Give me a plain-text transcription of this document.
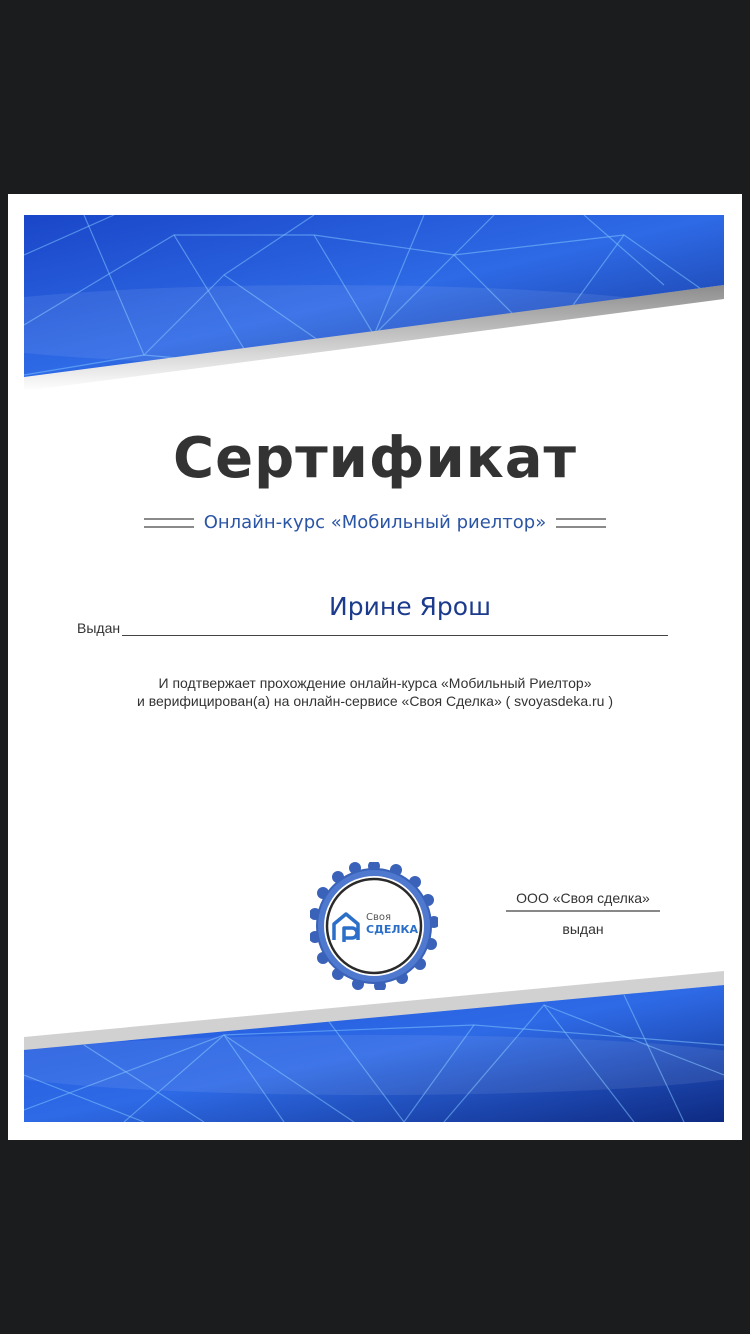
Сертификат
Онлайн-курс «Мобильный риелтор»
Ирине Ярош
Выдан
И подтвержает прохождение онлайн-курса «Мобильный Риелтор»
и верифицирован(а) на онлайн-сервисе «Своя Сделка» ( svoyasdeka.ru )
Своя
СДЕЛКА
ООО «Своя сделка»
выдан
